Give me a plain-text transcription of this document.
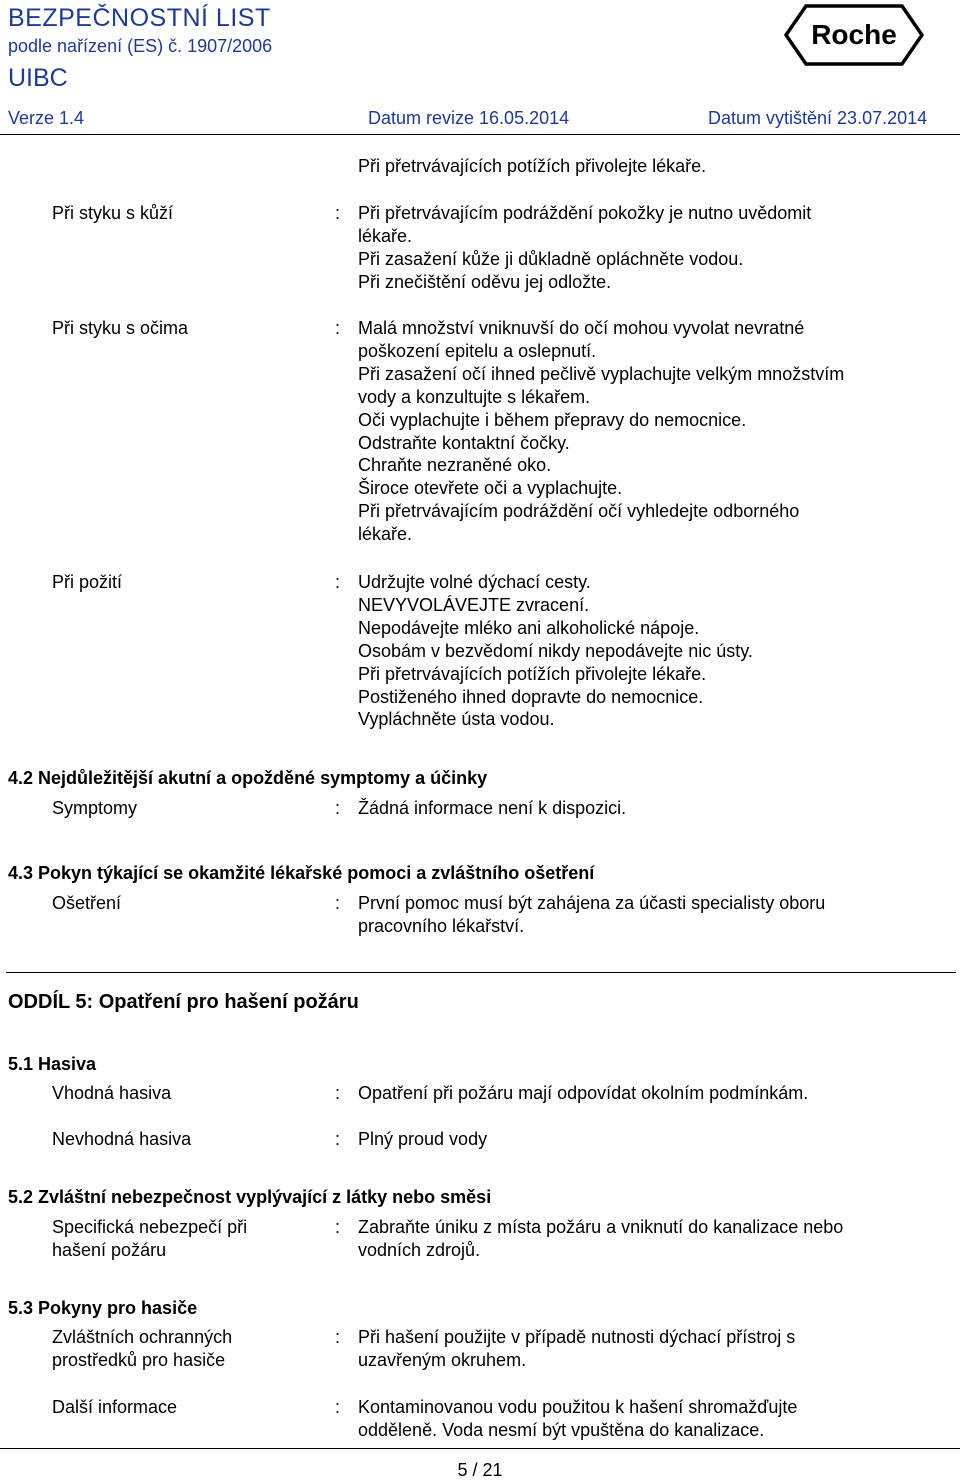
BEZPEČNOSTNÍ LIST
podle nařízení (ES) č. 1907/2006
UIBC
Roche
Verze 1.4	Datum revize 16.05.2014	Datum vytištění 23.07.2014
Při přetrvávajících potížích přivolejte lékaře.
Při styku s kůží	: Při přetrvávajícím podráždění pokožky je nutno uvědomit
lékaře.
Při zasažení kůže ji důkladně opláchněte vodou.
Při znečištění oděvu jej odložte.
Při styku s očima	: Malá množství vniknuvší do očí mohou vyvolat nevratné
poškození epitelu a oslepnutí.
Při zasažení očí ihned pečlivě vyplachujte velkým množstvím
vody a konzultujte s lékařem.
Oči vyplachujte i během přepravy do nemocnice.
Odstraňte kontaktní čočky.
Chraňte nezraněné oko.
Široce otevřete oči a vyplachujte.
Při přetrvávajícím podráždění očí vyhledejte odborného
lékaře.
Při požití	: Udržujte volné dýchací cesty.
NEVYVOLÁVEJTE zvracení.
Nepodávejte mléko ani alkoholické nápoje.
Osobám v bezvědomí nikdy nepodávejte nic ústy.
Při přetrvávajících potížích přivolejte lékaře.
Postiženého ihned dopravte do nemocnice.
Vypláchněte ústa vodou.
4.2 Nejdůležitější akutní a opožděné symptomy a účinky
Symptomy	: Žádná informace není k dispozici.
4.3 Pokyn týkající se okamžité lékařské pomoci a zvláštního ošetření
Ošetření	: První pomoc musí být zahájena za účasti specialisty oboru
pracovního lékařství.
ODDÍL 5: Opatření pro hašení požáru
5.1 Hasiva
Vhodná hasiva	: Opatření při požáru mají odpovídat okolním podmínkám.
Nevhodná hasiva	: Plný proud vody
5.2 Zvláštní nebezpečnost vyplývající z látky nebo směsi
Specifická nebezpečí při
hašení požáru
: Zabraňte úniku z místa požáru a vniknutí do kanalizace nebo
vodních zdrojů.
5.3 Pokyny pro hasiče
Zvláštních ochranných
prostředků pro hasiče
: Při hašení použijte v případě nutnosti dýchací přístroj s
uzavřeným okruhem.
Další informace	: Kontaminovanou vodu použitou k hašení shromažďujte
odděleně. Voda nesmí být vpuštěna do kanalizace.
5 / 21
